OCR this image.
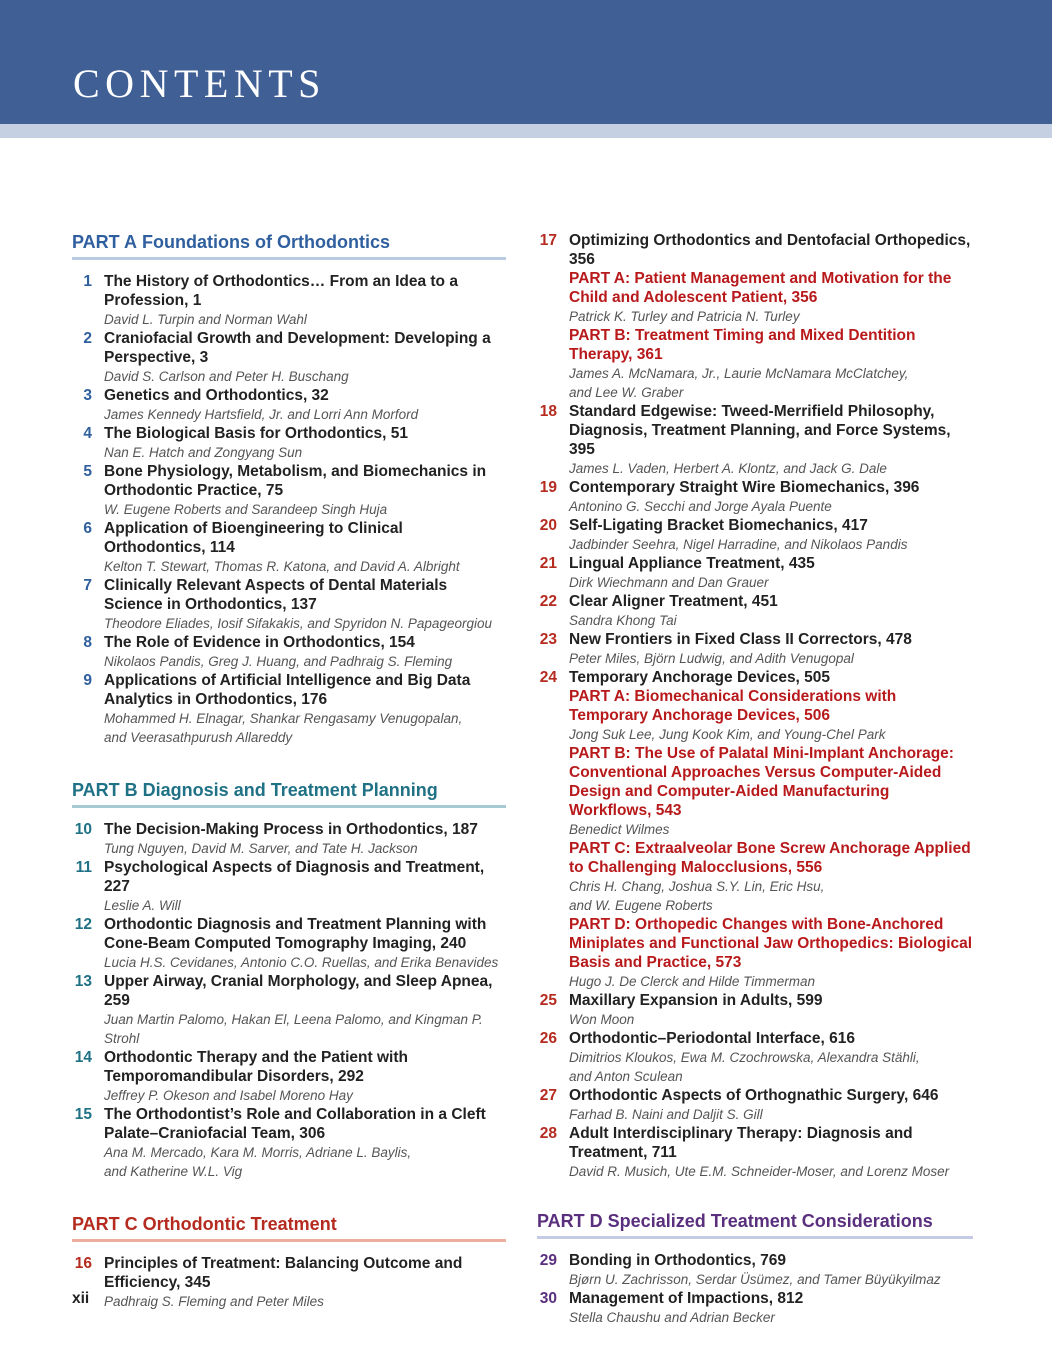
CONTENTS
PART A Foundations of Orthodontics
1 The History of Orthodontics… From an Idea to a Profession, 1
David L. Turpin and Norman Wahl
2 Craniofacial Growth and Development: Developing a Perspective, 3
David S. Carlson and Peter H. Buschang
3 Genetics and Orthodontics, 32
James Kennedy Hartsfield, Jr. and Lorri Ann Morford
4 The Biological Basis for Orthodontics, 51
Nan E. Hatch and Zongyang Sun
5 Bone Physiology, Metabolism, and Biomechanics in Orthodontic Practice, 75
W. Eugene Roberts and Sarandeep Singh Huja
6 Application of Bioengineering to Clinical Orthodontics, 114
Kelton T. Stewart, Thomas R. Katona, and David A. Albright
7 Clinically Relevant Aspects of Dental Materials Science in Orthodontics, 137
Theodore Eliades, Iosif Sifakakis, and Spyridon N. Papageorgiou
8 The Role of Evidence in Orthodontics, 154
Nikolaos Pandis, Greg J. Huang, and Padhraig S. Fleming
9 Applications of Artificial Intelligence and Big Data Analytics in Orthodontics, 176
Mohammed H. Elnagar, Shankar Rengasamy Venugopalan,
and Veerasathpurush Allareddy
PART B Diagnosis and Treatment Planning
10 The Decision-Making Process in Orthodontics, 187
Tung Nguyen, David M. Sarver, and Tate H. Jackson
11 Psychological Aspects of Diagnosis and Treatment, 227
Leslie A. Will
12 Orthodontic Diagnosis and Treatment Planning with Cone-Beam Computed Tomography Imaging, 240
Lucia H.S. Cevidanes, Antonio C.O. Ruellas, and Erika Benavides
13 Upper Airway, Cranial Morphology, and Sleep Apnea, 259
Juan Martin Palomo, Hakan El, Leena Palomo, and Kingman P. Strohl
14 Orthodontic Therapy and the Patient with Temporomandibular Disorders, 292
Jeffrey P. Okeson and Isabel Moreno Hay
15 The Orthodontist’s Role and Collaboration in a Cleft Palate–Craniofacial Team, 306
Ana M. Mercado, Kara M. Morris, Adriane L. Baylis,
and Katherine W.L. Vig
PART C Orthodontic Treatment
16 Principles of Treatment: Balancing Outcome and Efficiency, 345
Padhraig S. Fleming and Peter Miles
17 Optimizing Orthodontics and Dentofacial Orthopedics, 356
PART A: Patient Management and Motivation for the Child and Adolescent Patient, 356
Patrick K. Turley and Patricia N. Turley
PART B: Treatment Timing and Mixed Dentition Therapy, 361
James A. McNamara, Jr., Laurie McNamara McClatchey,
and Lee W. Graber
18 Standard Edgewise: Tweed-Merrifield Philosophy, Diagnosis, Treatment Planning, and Force Systems, 395
James L. Vaden, Herbert A. Klontz, and Jack G. Dale
19 Contemporary Straight Wire Biomechanics, 396
Antonino G. Secchi and Jorge Ayala Puente
20 Self-Ligating Bracket Biomechanics, 417
Jadbinder Seehra, Nigel Harradine, and Nikolaos Pandis
21 Lingual Appliance Treatment, 435
Dirk Wiechmann and Dan Grauer
22 Clear Aligner Treatment, 451
Sandra Khong Tai
23 New Frontiers in Fixed Class II Correctors, 478
Peter Miles, Björn Ludwig, and Adith Venugopal
24 Temporary Anchorage Devices, 505
PART A: Biomechanical Considerations with Temporary Anchorage Devices, 506
Jong Suk Lee, Jung Kook Kim, and Young-Chel Park
PART B: The Use of Palatal Mini-Implant Anchorage: Conventional Approaches Versus Computer-Aided Design and Computer-Aided Manufacturing Workflows, 543
Benedict Wilmes
PART C: Extraalveolar Bone Screw Anchorage Applied to Challenging Malocclusions, 556
Chris H. Chang, Joshua S.Y. Lin, Eric Hsu,
and W. Eugene Roberts
PART D: Orthopedic Changes with Bone-Anchored Miniplates and Functional Jaw Orthopedics: Biological Basis and Practice, 573
Hugo J. De Clerck and Hilde Timmerman
25 Maxillary Expansion in Adults, 599
Won Moon
26 Orthodontic–Periodontal Interface, 616
Dimitrios Kloukos, Ewa M. Czochrowska, Alexandra Stähli,
and Anton Sculean
27 Orthodontic Aspects of Orthognathic Surgery, 646
Farhad B. Naini and Daljit S. Gill
28 Adult Interdisciplinary Therapy: Diagnosis and Treatment, 711
David R. Musich, Ute E.M. Schneider-Moser, and Lorenz Moser
PART D Specialized Treatment Considerations
29 Bonding in Orthodontics, 769
Bjørn U. Zachrisson, Serdar Üsümez, and Tamer Büyükyilmaz
30 Management of Impactions, 812
Stella Chaushu and Adrian Becker
xii
